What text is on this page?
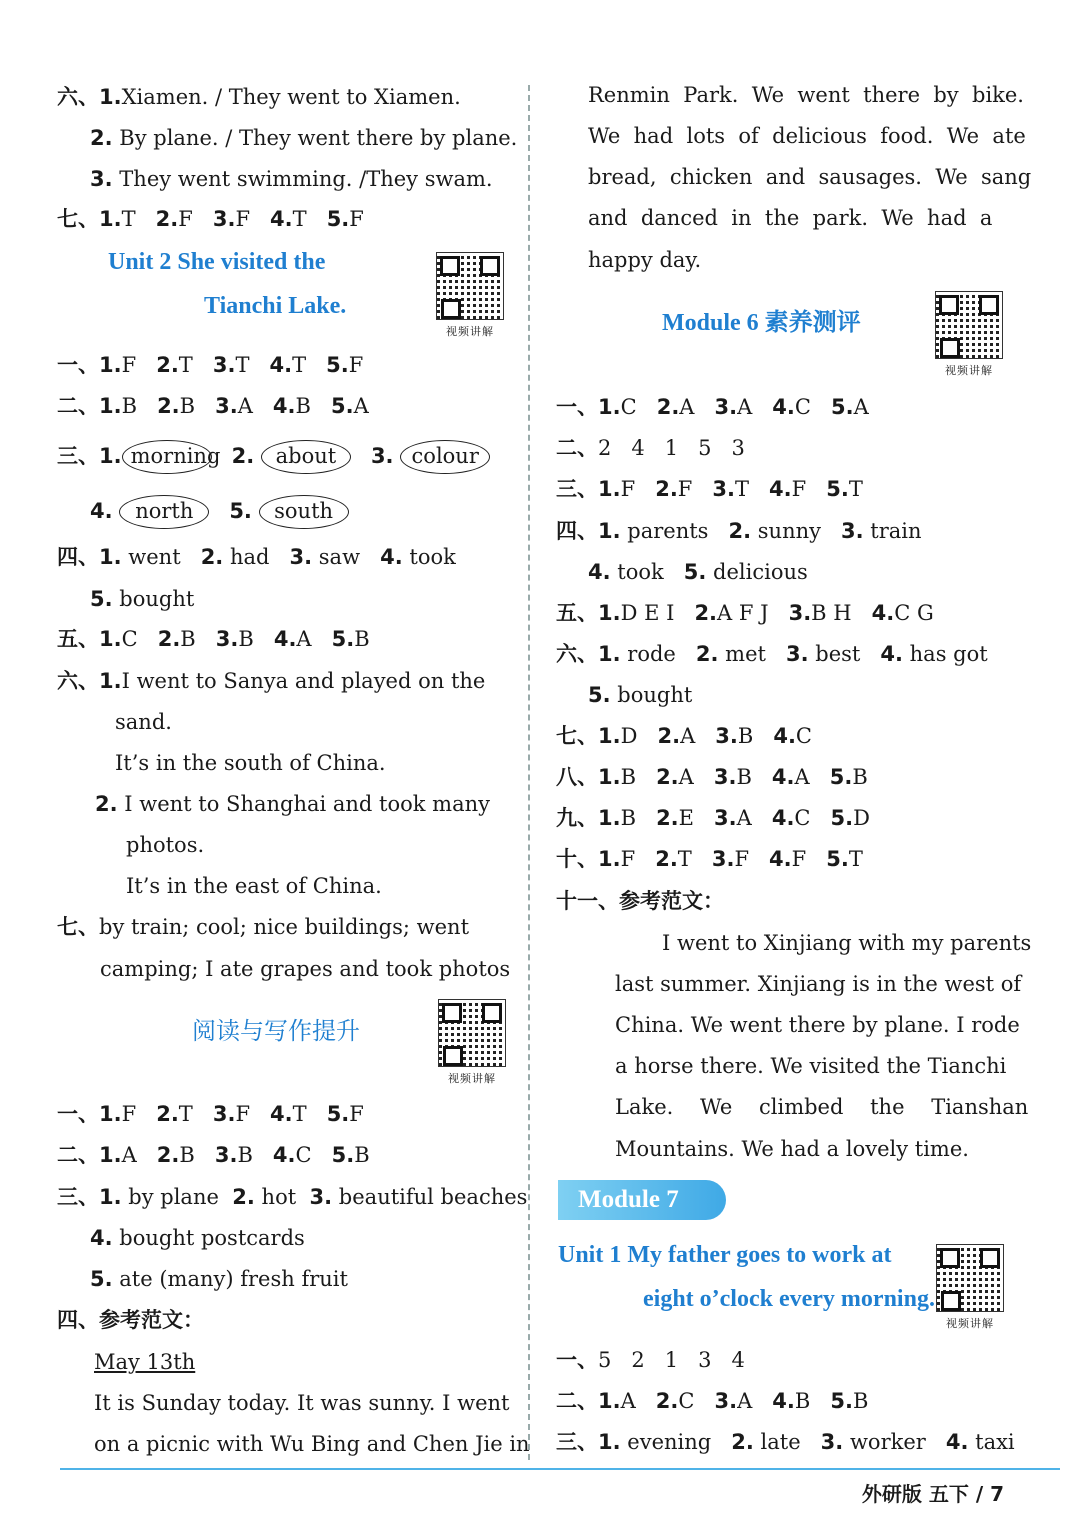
六、1.Xiamen. / They went to Xiamen.
2. By plane. / They went there by plane.
3. They went swimming. /They swam.
七、1.T 2.F 3.F 4.T 5.F
Unit 2 She visited the
Tianchi Lake.
视频讲解
一、1.F 2.T 3.T 4.T 5.F
二、1.B 2.B 3.A 4.B 5.A
三、1. morning 2. about 3. colour
4. north 5. south
四、1. went 2. had 3. saw 4. took
5. bought
五、1.C 2.B 3.B 4.A 5.B
六、1.I went to Sanya and played on the
sand.
It’s in the south of China.
2. I went to Shanghai and took many
photos.
It’s in the east of China.
七、by train; cool; nice buildings; went
camping; I ate grapes and took photos
阅读与写作提升
视频讲解
一、1.F 2.T 3.F 4.T 5.F
二、1.A 2.B 3.B 4.C 5.B
三、1. by plane 2. hot 3. beautiful beaches
4. bought postcards
5. ate (many) fresh fruit
四、参考范文：
May 13th
It is Sunday today. It was sunny. I went
on a picnic with Wu Bing and Chen Jie in
Renmin  Park.  We  went  there  by  bike.
We  had  lots  of  delicious  food.  We  ate
bread,  chicken  and  sausages.  We  sang
and  danced  in  the  park.  We  had  a
happy day.
Module 6 素养测评
视频讲解
一、1.C 2.A 3.A 4.C 5.A
二、2   4   1   5   3
三、1.F 2.F 3.T 4.F 5.T
四、1. parents 2. sunny 3. train
4. took 5. delicious
五、1.D E I 2.A F J 3.B H 4.C G
六、1. rode 2. met 3. best 4. has got
5. bought
七、1.D 2.A 3.B 4.C
八、1.B 2.A 3.B 4.A 5.B
九、1.B 2.E 3.A 4.C 5.D
十、1.F 2.T 3.F 4.F 5.T
十一、参考范文：
I went to Xinjiang with my parents
last summer. Xinjiang is in the west of
China. We went there by plane. I rode
a horse there. We visited the Tianchi
Lake.    We    climbed    the    Tianshan
Mountains. We had a lovely time.
Module 7
Unit 1 My father goes to work at
eight o’clock every morning.
视频讲解
一、5   2   1   3   4
二、1.A 2.C 3.A 4.B 5.B
三、1. evening 2. late 3. worker 4. taxi
外研版 五下 / 7
